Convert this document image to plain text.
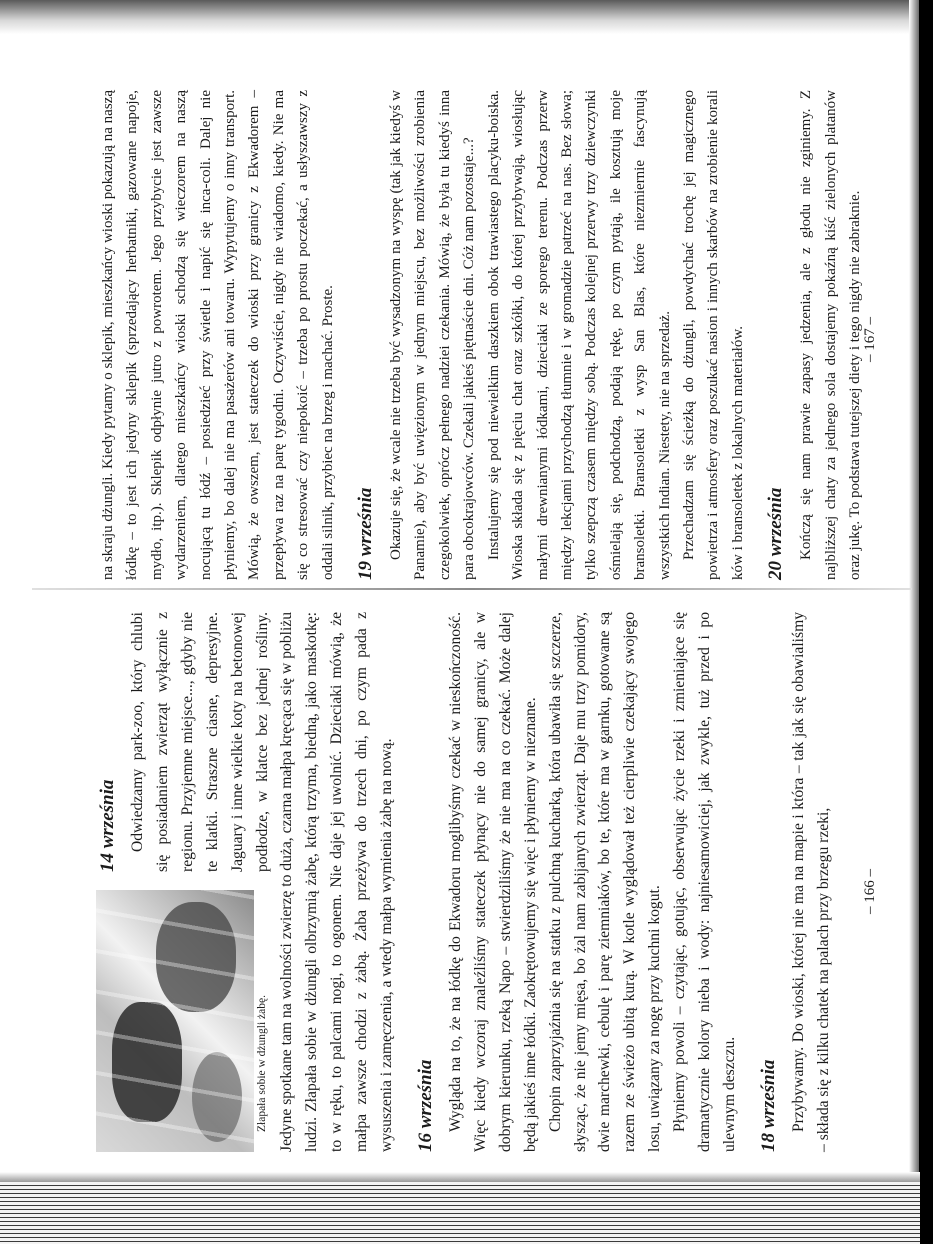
Złapała sobie w dżungli żabę.

14 września Odwiedzamy park-zoo, który chlubi się posiadaniem zwierząt wyłącznie z regionu. Przyjemne miejsce..., gdyby nie te klatki. Straszne ciasne, depresyjne. Jaguary i inne wielkie koty na betonowej podłodze, w klatce bez jednej rośliny. Jedyne spotkane tam na wolności zwierzę to duża, czarna małpa kręcąca się w pobliżu ludzi. Złapała sobie w dżungli olbrzymią żabę, którą trzyma, biedną, jako maskotkę: to w ręku, to palcami nogi, to ogonem. Nie daje jej uwolnić. Dzieciaki mówią, że małpa zawsze chodzi z żabą. Żaba przeżywa do trzech dni, po czym pada z wysuszenia i zamęczenia, a wtedy małpa wymienia żabę na nową. 16 września Wygląda na to, że na łódkę do Ekwadoru moglibyśmy czekać w nieskończoność. Więc kiedy wczoraj znaleźliśmy stateczek płynący nie do samej granicy, ale w dobrym kierunku, rzeką Napo – stwierdziliśmy że nie ma na co czekać. Może dalej będą jakieś inne łódki. Zaokrętowujemy się więc i płyniemy w nieznane. Chopin zaprzyjaźnia się na statku z pulchną kucharką, która ubawiła się szczerze, słysząc, że nie jemy mięsa, bo żal nam zabijanych zwierząt. Daje mu trzy pomidory, dwie marchewki, cebulę i parę ziemniaków, bo te, które ma w garnku, gotowane są razem ze świeżo ubitą kurą. W kotle wyglądował też cierpliwie czekający swojego losu, uwiązany za nogę przy kuchni kogut. Płyniemy powoli – czytając, gotując, obserwując życie rzeki i zmieniające się dramatycznie kolory nieba i wody: najniesamowiciej, jak zwykle, tuż przed i po ulewnym deszczu. 18 września Przybywamy. Do wioski, której nie ma na mapie i która – tak jak się obawialiśmy – składa się z kilku chatek na palach przy brzegu rzeki,	– 166 –

na skraju dżungli. Kiedy pytamy o sklepik, mieszkańcy wioski pokazują na naszą łódkę – to jest ich jedyny sklepik (sprzedający herbatniki, gazowane napoje, mydło, itp.). Sklepik odpłynie jutro z powrotem. Jego przybycie jest zawsze wydarzeniem, dlatego mieszkańcy wioski schodzą się wieczorem na naszą nocującą tu łódź – posiedzieć przy świetle i napić się inca-coli. Dalej nie płyniemy, bo dalej nie ma pasażerów ani towaru. Wypytujemy o inny transport. Mówią, że owszem, jest stateczek do wioski przy granicy z Ekwadorem – przepływa raz na parę tygodni. Oczywiście, nigdy nie wiadomo, kiedy. Nie ma się co stresować czy niepokoić – trzeba po prostu poczekać, a usłyszawszy z oddali silnik, przybiec na brzeg i machać. Proste. 19 września Okazuje się, że wcale nie trzeba być wysadzonym na wyspę (tak jak kiedyś w Panamie), aby być uwięzionym w jednym miejscu, bez możliwości zrobienia czegokolwiek, oprócz pełnego nadziei czekania. Mówią, że była tu kiedyś inna para obcokrajowców. Czekali jakieś piętnaście dni. Cóż nam pozostaje...? Instalujemy się pod niewielkim daszkiem obok trawiastego placyku-boiska. Wioska składa się z pięciu chat oraz szkółki, do której przybywają, wiosłując małymi drewnianymi łódkami, dzieciaki ze sporego terenu. Podczas przerw między lekcjami przychodzą tłumnie i w gromadzie patrzeć na nas. Bez słowa; tylko szepczą czasem między sobą. Podczas kolejnej przerwy trzy dziewczynki ośmielają się, podchodzą, podają rękę, po czym pytają, ile kosztują moje bransoletki. Bransoletki z wysp San Blas, które niezmiernie fascynują wszystkich Indian. Niestety, nie na sprzedaż. Przechadzam się ścieżką do dżungli, powdychać trochę jej magicznego powietrza i atmosfery oraz poszukać nasion i innych skarbów na zrobienie korali ków i bransoletek z lokalnych materiałów. 20 września Kończą się nam prawie zapasy jedzenia, ale z głodu nie zginiemy. Z najbliższej chaty za jednego sola dostajemy pokaźną kiść zielonych platanów oraz jukę. To podstawa tutejszej diety i tego nigdy nie zabraknie. – 167 –
